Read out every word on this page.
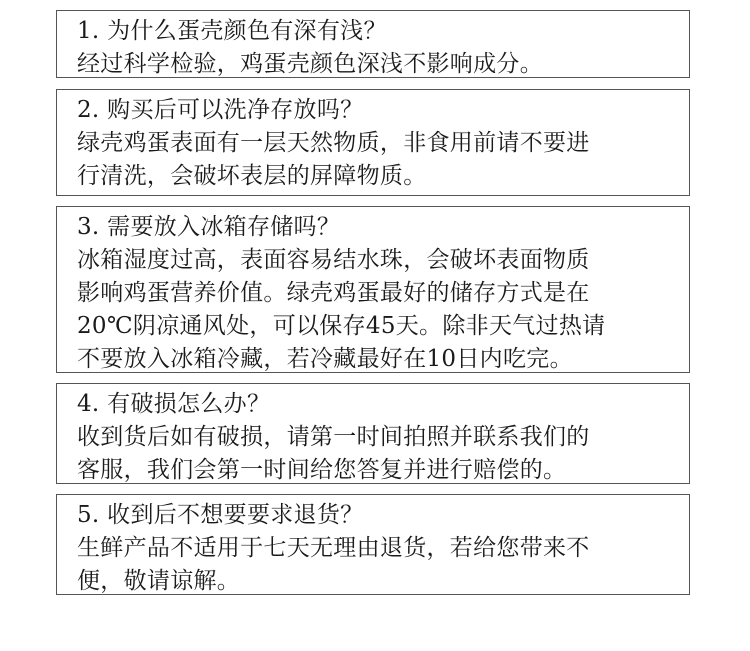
1. 为什么蛋壳颜色有深有浅？
经过科学检验，鸡蛋壳颜色深浅不影响成分。
2. 购买后可以洗净存放吗？
绿壳鸡蛋表面有一层天然物质，非食用前请不要进
行清洗，会破坏表层的屏障物质。
3. 需要放入冰箱存储吗？
冰箱湿度过高，表面容易结水珠，会破坏表面物质
影响鸡蛋营养价值。绿壳鸡蛋最好的储存方式是在
20℃阴凉通风处，可以保存45天。除非天气过热请
不要放入冰箱冷藏，若冷藏最好在10日内吃完。
4. 有破损怎么办？
收到货后如有破损，请第一时间拍照并联系我们的
客服，我们会第一时间给您答复并进行赔偿的。
5. 收到后不想要要求退货？
生鲜产品不适用于七天无理由退货，若给您带来不
便，敬请谅解。
